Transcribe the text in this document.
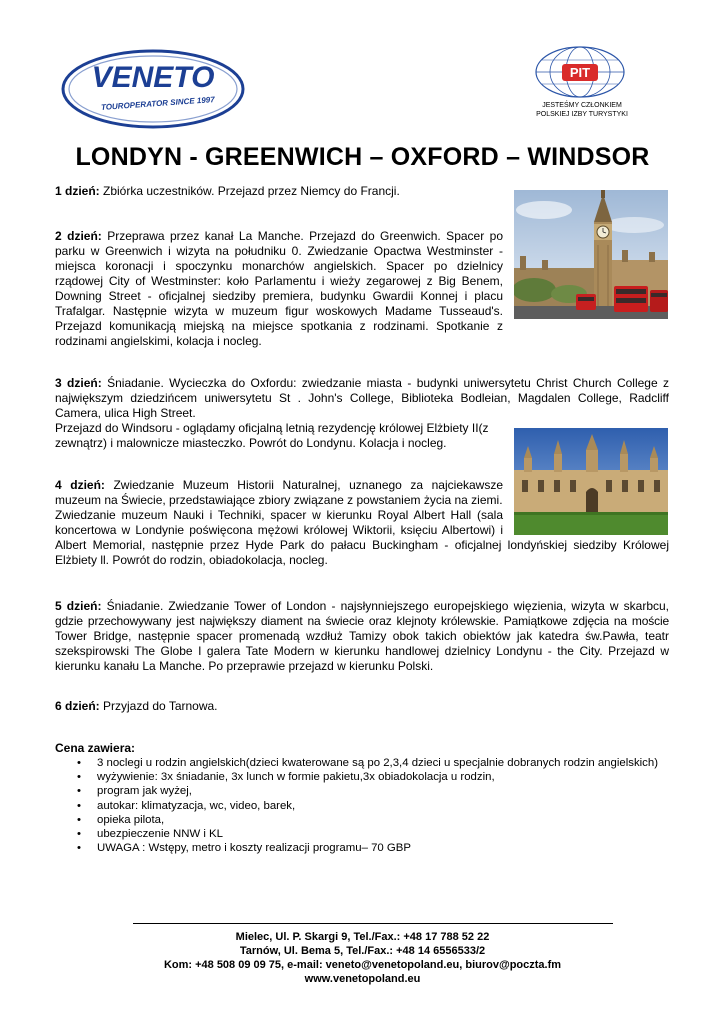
VENETO
TOUROPERATOR SINCE 1997
PIT
JESTEŚMY CZŁONKIEM
POLSKIEJ IZBY TURYSTYKI
LONDYN - GREENWICH – OXFORD – WINDSOR
1 dzień: Zbiórka uczestników. Przejazd przez Niemcy do Francji.
2 dzień: Przeprawa przez kanał La Manche. Przejazd do Greenwich. Spacer po
parku w Greenwich i wizyta na południku 0. Zwiedzanie Opactwa Westminster -
miejsca koronacji i spoczynku monarchów angielskich. Spacer po dzielnicy
rządowej City of Westminster: koło Parlamentu i wieży zegarowej z Big Benem,
Downing Street - oficjalnej siedziby premiera, budynku Gwardii Konnej i placu
Trafalgar. Następnie wizyta w muzeum figur woskowych Madame Tusseaud's.
Przejazd komunikacją miejską na miejsce spotkania z rodzinami. Spotkanie z
rodzinami angielskimi, kolacja i nocleg.
3 dzień: Śniadanie. Wycieczka do Oxfordu: zwiedzanie miasta - budynki uniwersytetu Christ Church College z
największym dziedzińcem uniwersytetu St . John's College, Biblioteka Bodleian, Magdalen College, Radcliff
Camera, ulica High Street.
Przejazd do Windsoru - oglądamy oficjalną letnią rezydencję królowej Elżbiety II(z
zewnątrz) i malownicze miasteczko. Powrót do Londynu. Kolacja i nocleg.
4 dzień: Zwiedzanie Muzeum Historii Naturalnej, uznanego za najciekawsze
muzeum na Świecie, przedstawiające zbiory związane z powstaniem życia na ziemi.
Zwiedzanie muzeum Nauki i Techniki, spacer w kierunku Royal Albert Hall (sala
koncertowa w Londynie poświęcona mężowi królowej Wiktorii, księciu Albertowi) i
Albert Memorial, następnie przez Hyde Park do pałacu Buckingham - oficjalnej londyńskiej siedziby Królowej
Elżbiety ll. Powrót do rodzin, obiadokolacja, nocleg.
5 dzień: Śniadanie. Zwiedzanie Tower of London - najsłynniejszego europejskiego więzienia, wizyta w skarbcu,
gdzie przechowywany jest największy diament na świecie oraz klejnoty królewskie. Pamiątkowe zdjęcia na moście
Tower Bridge, następnie spacer promenadą wzdłuż Tamizy obok takich obiektów jak katedra św.Pawła, teatr
szekspirowski The Globe I galera Tate Modern w kierunku handlowej dzielnicy Londynu - the City. Przejazd w
kierunku kanału La Manche. Po przeprawie przejazd w kierunku Polski.
6 dzień: Przyjazd do Tarnowa.
Cena zawiera:
• 3 noclegi u rodzin angielskich(dzieci kwaterowane są po 2,3,4 dzieci u specjalnie dobranych rodzin angielskich)
• wyżywienie: 3x śniadanie, 3x lunch w formie pakietu,3x obiadokolacja u rodzin,
• program jak wyżej,
• autokar: klimatyzacja, wc, video, barek,
• opieka pilota,
• ubezpieczenie NNW i KL
• UWAGA : Wstępy, metro i koszty realizacji programu– 70 GBP
Mielec, Ul. P. Skargi 9, Tel./Fax.: +48 17 788 52 22
Tarnów, Ul. Bema 5, Tel./Fax.: +48 14 6556533/2
Kom: +48 508 09 09 75, e-mail: veneto@venetopoland.eu, biurov@poczta.fm
www.venetopoland.eu
